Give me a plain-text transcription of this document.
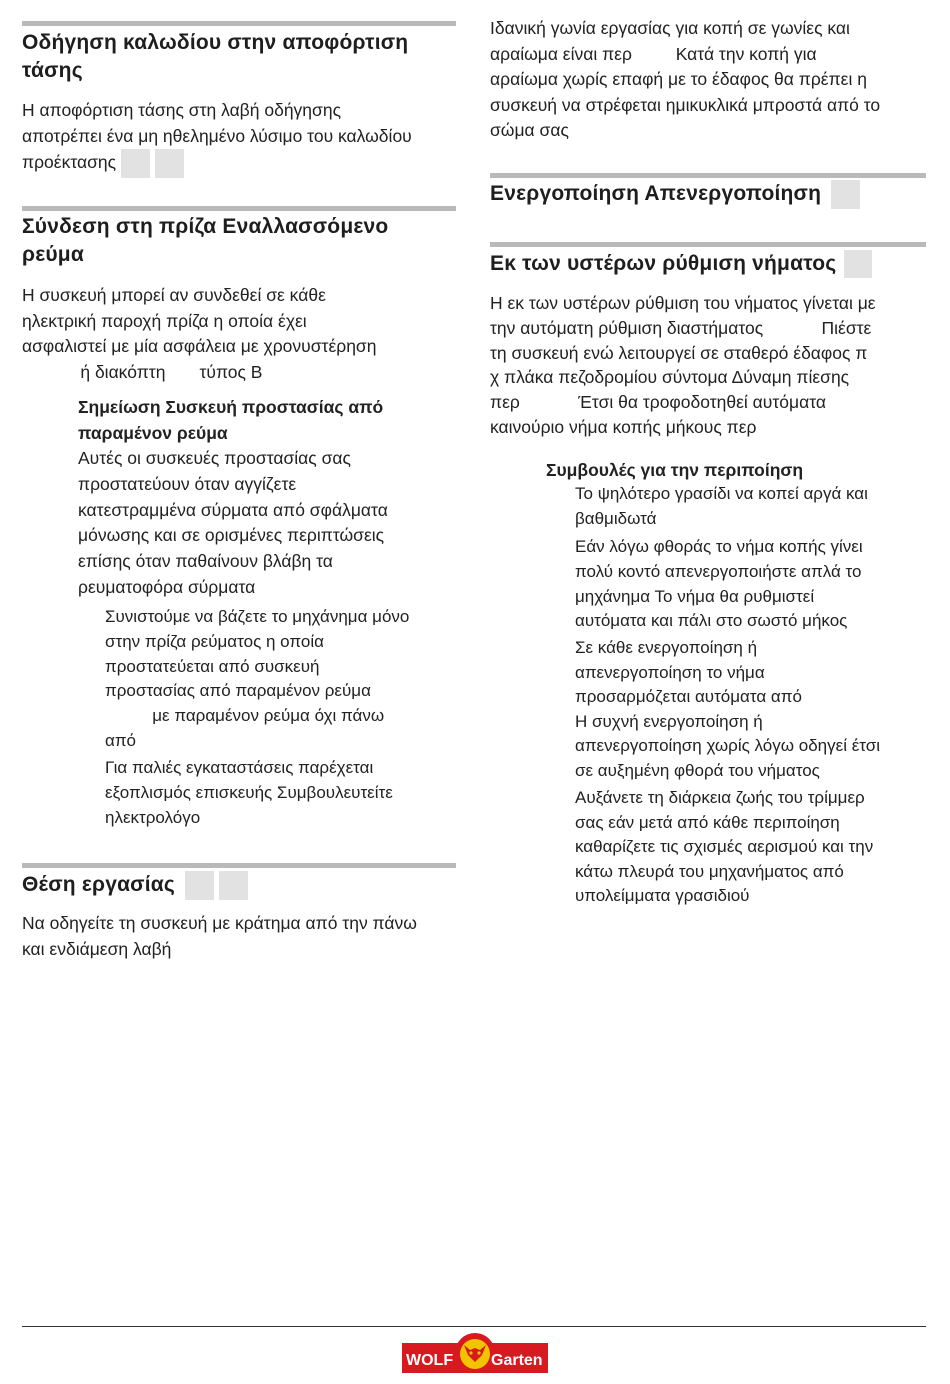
Οδήγηση καλωδίου στην αποφόρτιση
τάσης

Η αποφόρτιση τάσης στη λαβή οδήγησης
αποτρέπει ένα μη ηθελημένο λύσιμο του καλωδίου
προέκτασης

Σύνδεση στη πρίζα Εναλλασσόμενο
ρεύμα

Η συσκευή μπορεί αν συνδεθεί σε κάθε
ηλεκτρική παροχή πρίζα η οποία έχει
ασφαλιστεί με μία ασφάλεια με χρονυστέρηση
ή διακόπτη       τύπος B

Σημείωση Συσκευή προστασίας από
παραμένον ρεύμα
Αυτές οι συσκευές προστασίας σας
προστατεύουν όταν αγγίζετε
κατεστραμμένα σύρματα από σφάλματα
μόνωσης και σε ορισμένες περιπτώσεις
επίσης όταν παθαίνουν βλάβη τα
ρευματοφόρα σύρματα

Συνιστούμε να βάζετε το μηχάνημα μόνο
στην πρίζα ρεύματος η οποία
προστατεύεται από συσκευή
προστασίας από παραμένον ρεύμα
με παραμένον ρεύμα όχι πάνω
από

Για παλιές εγκαταστάσεις παρέχεται
εξοπλισμός επισκευής Συμβουλευτείτε
ηλεκτρολόγο

Θέση εργασίας

Να οδηγείτε τη συσκευή με κράτημα από την πάνω
και ενδιάμεση λαβή

Ιδανική γωνία εργασίας για κοπή σε γωνίες και
αραίωμα είναι περ         Κατά την κοπή για
αραίωμα χωρίς επαφή με το έδαφος θα πρέπει η
συσκευή να στρέφεται ημικυκλικά μπροστά από το
σώμα σας

Ενεργοποίηση Απενεργοποίηση
Εκ των υστέρων ρύθμιση νήματος

Η εκ των υστέρων ρύθμιση του νήματος γίνεται με
την αυτόματη ρύθμιση διαστήματος            Πιέστε
τη συσκευή ενώ λειτουργεί σε σταθερό έδαφος π
χ πλάκα πεζοδρομίου σύντομα Δύναμη πίεσης
περ            Έτσι θα τροφοδοτηθεί αυτόματα
καινούριο νήμα κοπής μήκους περ

Συμβουλές για την περιποίηση

Το ψηλότερο γρασίδι να κοπεί αργά και
βαθμιδωτά

Εάν λόγω φθοράς το νήμα κοπής γίνει
πολύ κοντό απενεργοποιήστε απλά το
μηχάνημα Το νήμα θα ρυθμιστεί
αυτόματα και πάλι στο σωστό μήκος

Σε κάθε ενεργοποίηση ή
απενεργοποίηση το νήμα
προσαρμόζεται αυτόματα από
Η συχνή ενεργοποίηση ή
απενεργοποίηση χωρίς λόγω οδηγεί έτσι
σε αυξημένη φθορά του νήματος

Αυξάνετε τη διάρκεια ζωής του τρίμμερ
σας εάν μετά από κάθε περιποίηση
καθαρίζετε τις σχισμές αερισμού και την
κάτω πλευρά του μηχανήματος από
υπολείμματα γρασιδιού

WOLF Garten
